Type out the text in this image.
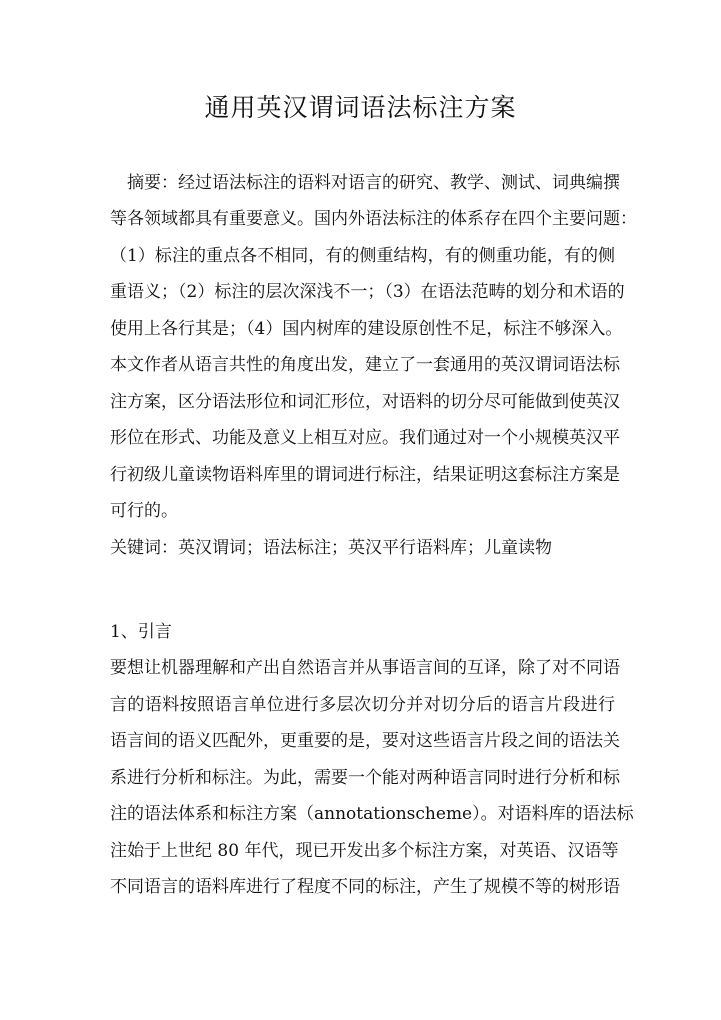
通用英汉谓词语法标注方案
　摘要：经过语法标注的语料对语言的研究、教学、测试、词典编撰
等各领域都具有重要意义。国内外语法标注的体系存在四个主要问题：
（1）标注的重点各不相同，有的侧重结构，有的侧重功能，有的侧
重语义；（2）标注的层次深浅不一；（3）在语法范畴的划分和术语的
使用上各行其是；（4）国内树库的建设原创性不足，标注不够深入。
本文作者从语言共性的角度出发，建立了一套通用的英汉谓词语法标
注方案，区分语法形位和词汇形位，对语料的切分尽可能做到使英汉
形位在形式、功能及意义上相互对应。我们通过对一个小规模英汉平
行初级儿童读物语料库里的谓词进行标注，结果证明这套标注方案是
可行的。
关键词：英汉谓词；语法标注；英汉平行语料库；儿童读物
1、引言
要想让机器理解和产出自然语言并从事语言间的互译，除了对不同语
言的语料按照语言单位进行多层次切分并对切分后的语言片段进行
语言间的语义匹配外，更重要的是，要对这些语言片段之间的语法关
系进行分析和标注。为此，需要一个能对两种语言同时进行分析和标
注的语法体系和标注方案（annotationscheme）。对语料库的语法标
注始于上世纪 80 年代，现已开发出多个标注方案，对英语、汉语等
不同语言的语料库进行了程度不同的标注，产生了规模不等的树形语
